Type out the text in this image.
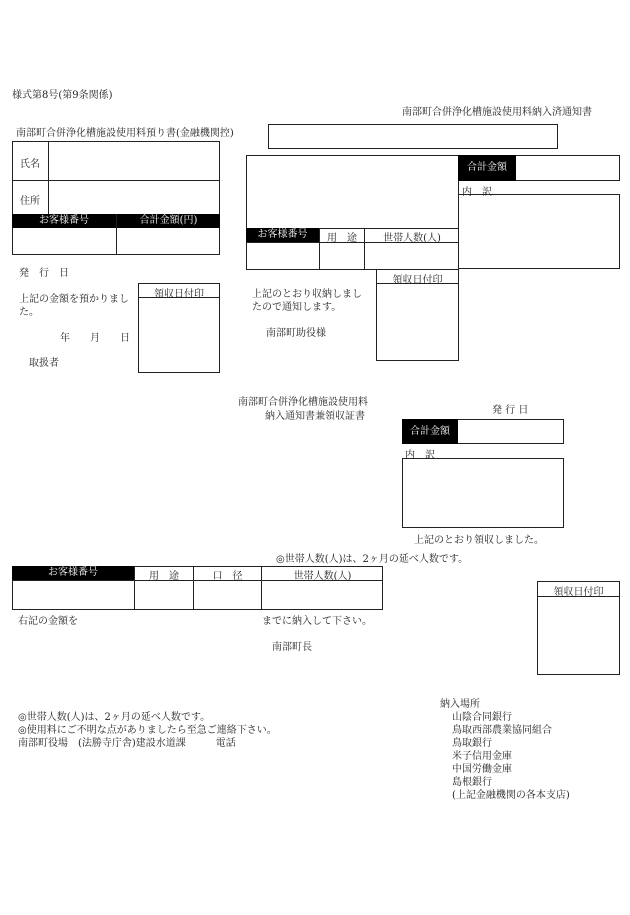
様式第8号(第9条関係)
南部町合併浄化槽施設使用料預り書(金融機関控)
氏名
住所
お客様番号	合計金額(円)
発　行　日
上記の金額を預かりまし
た。
年　　月　　日
取扱者
領収日付印
南部町合併浄化槽施設使用料納入済通知書
お客様番号	用　途	世帯人数(人)
合計金額
内　訳
領収日付印
上記のとおり収納しまし
たので通知します。
南部町助役様
南部町合併浄化槽施設使用料
納入通知書兼領収証書
発 行 日
合計金額
内　訳
上記のとおり領収しました。
◎世帯人数(人)は、2ヶ月の延べ人数です。
お客様番号	用　途	口　径	世帯人数(人)
右記の金額を	までに納入して下さい。
南部町長
領収日付印
◎世帯人数(人)は、2ヶ月の延べ人数です。
◎使用料にご不明な点がありましたら至急ご連絡下さい。
南部町役場　(法勝寺庁舎)建設水道課　　　電話
納入場所
山陰合同銀行
鳥取西部農業協同組合
鳥取銀行
米子信用金庫
中国労働金庫
島根銀行
(上記金融機関の各本支店)
